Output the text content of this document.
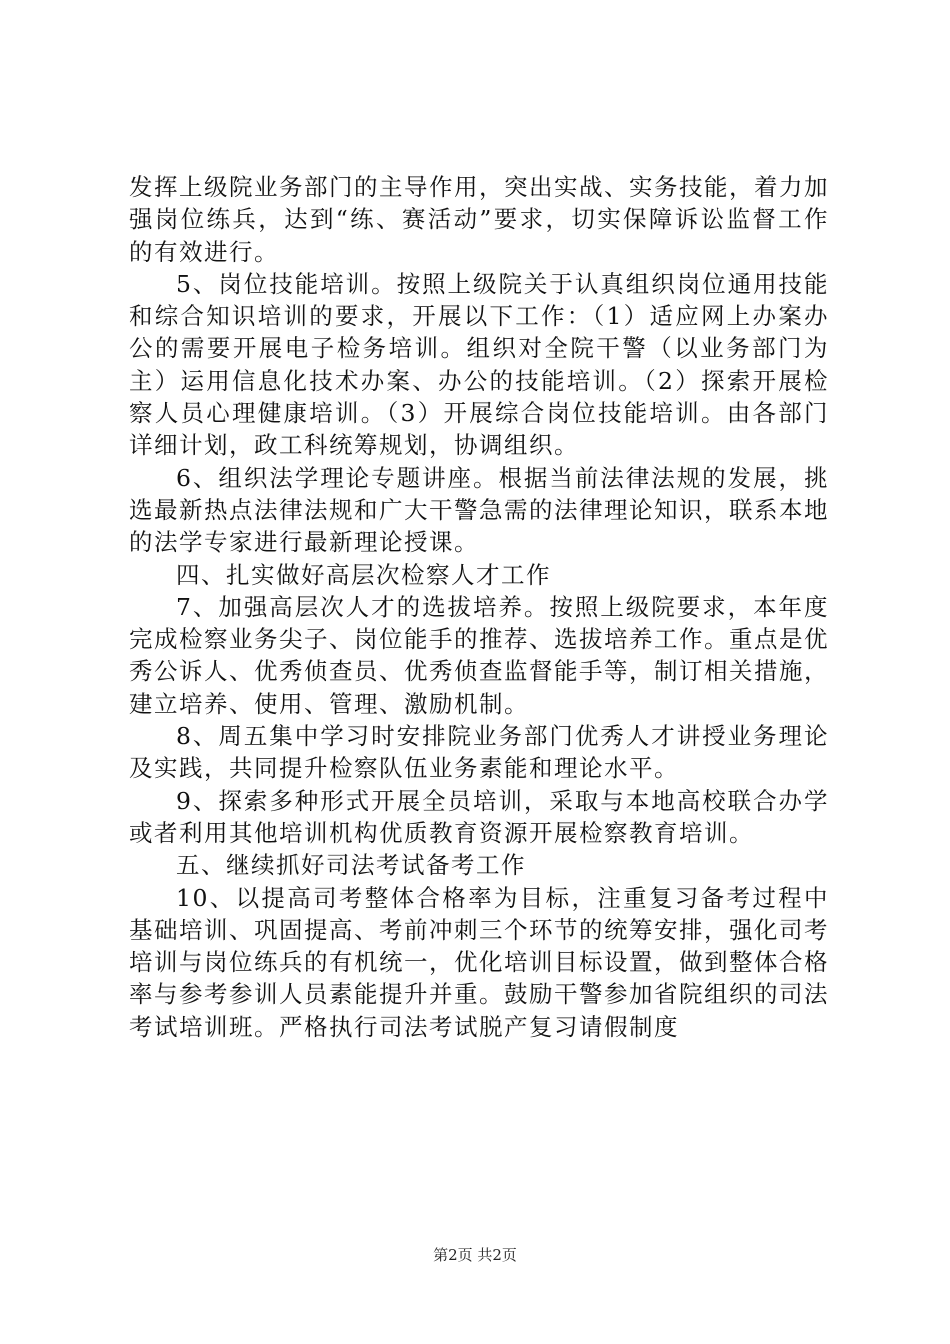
发挥上级院业务部门的主导作用，突出实战、实务技能，着力加强岗位练兵，达到“练、赛活动”要求，切实保障诉讼监督工作的有效进行。

5、岗位技能培训。按照上级院关于认真组织岗位通用技能和综合知识培训的要求，开展以下工作：（1）适应网上办案办公的需要开展电子检务培训。组织对全院干警（以业务部门为主）运用信息化技术办案、办公的技能培训。（2）探索开展检察人员心理健康培训。（3）开展综合岗位技能培训。由各部门详细计划，政工科统筹规划，协调组织。

6、组织法学理论专题讲座。根据当前法律法规的发展，挑选最新热点法律法规和广大干警急需的法律理论知识，联系本地的法学专家进行最新理论授课。

四、扎实做好高层次检察人才工作

7、加强高层次人才的选拔培养。按照上级院要求，本年度完成检察业务尖子、岗位能手的推荐、选拔培养工作。重点是优秀公诉人、优秀侦查员、优秀侦查监督能手等，制订相关措施，建立培养、使用、管理、激励机制。

8、周五集中学习时安排院业务部门优秀人才讲授业务理论及实践，共同提升检察队伍业务素能和理论水平。

9、探索多种形式开展全员培训，采取与本地高校联合办学或者利用其他培训机构优质教育资源开展检察教育培训。

五、继续抓好司法考试备考工作

10、以提高司考整体合格率为目标，注重复习备考过程中基础培训、巩固提高、考前冲刺三个环节的统筹安排，强化司考培训与岗位练兵的有机统一，优化培训目标设置，做到整体合格率与参考参训人员素能提升并重。鼓励干警参加省院组织的司法考试培训班。严格执行司法考试脱产复习请假制度

第2页 共2页
